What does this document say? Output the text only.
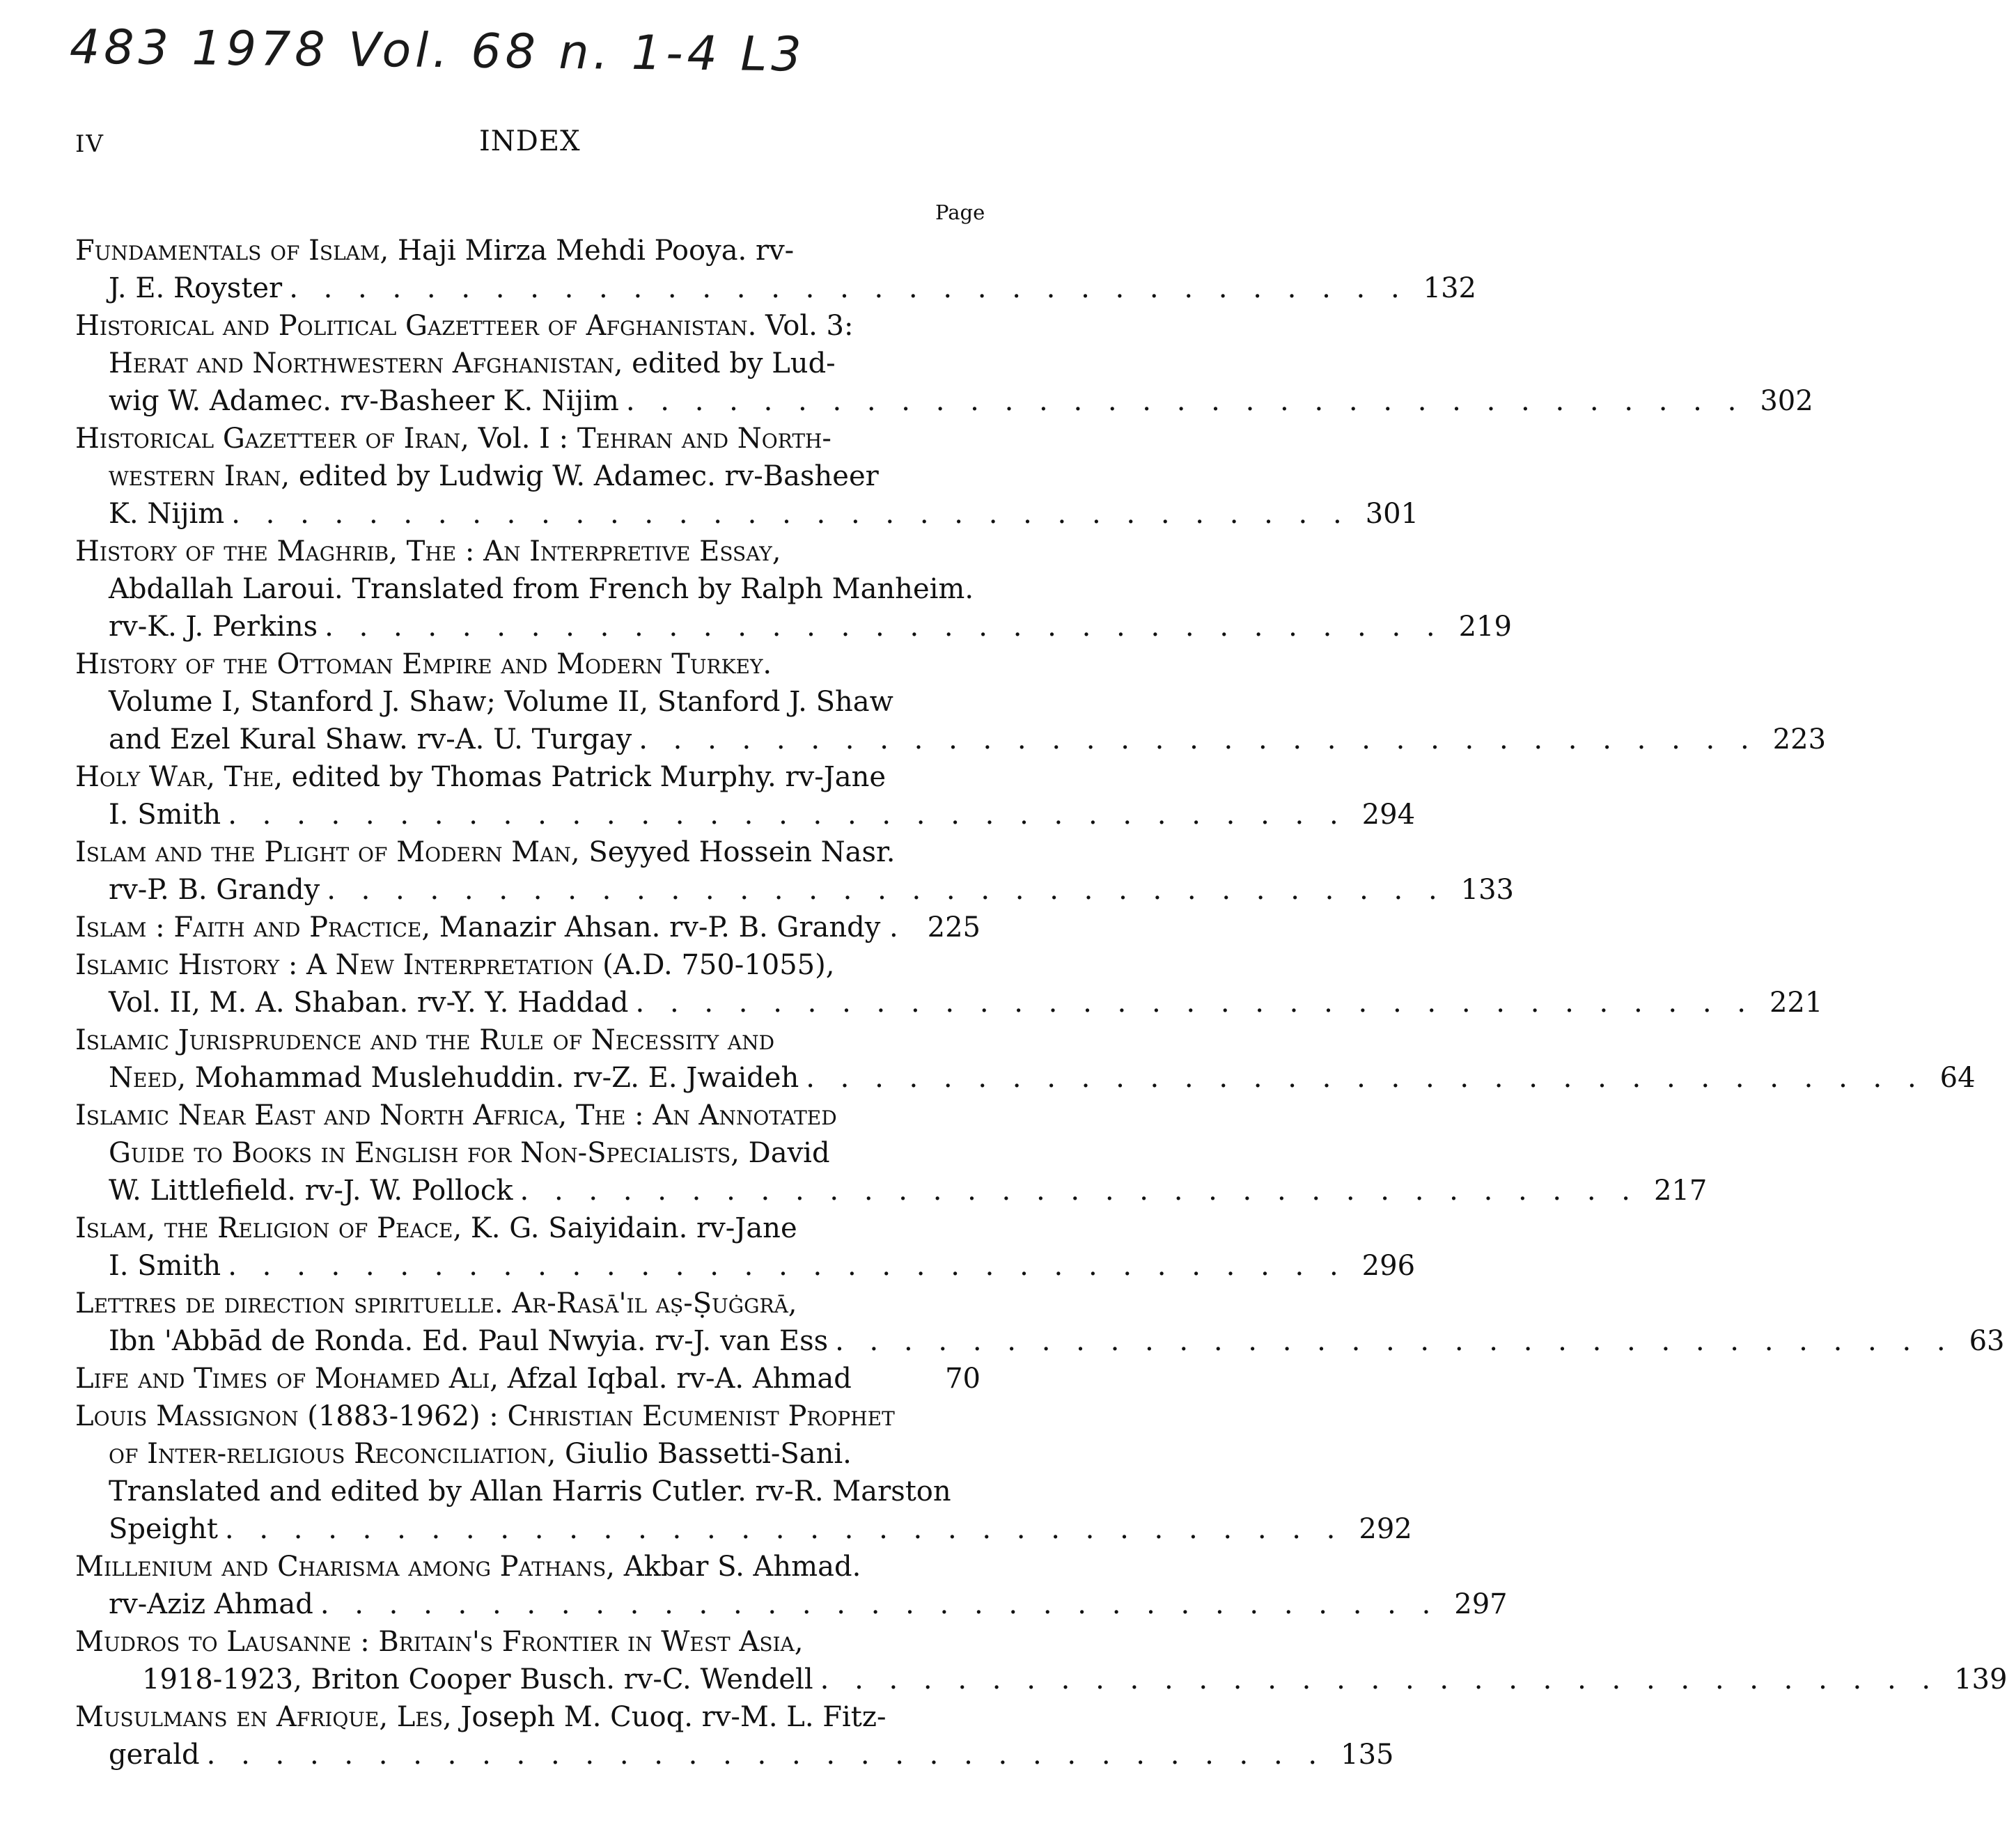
483 1978 Vol. 68 n. 1-4 L3
IV	INDEX
Page
Fundamentals of Islam, Haji Mirza Mehdi Pooya. rv-
J. E. Royster . . . . . . . . . . . . . . . . . . . . . . . . . . . . . . . . . 132
Historical and Political Gazetteer of Afghanistan. Vol. 3:
Herat and Northwestern Afghanistan, edited by Lud-
wig W. Adamec. rv-Basheer K. Nijim . . . . . . . . . . . . . . . . . . . . . . . . . . . . . . . . . 302
Historical Gazetteer of Iran, Vol. I : Tehran and North-
western Iran, edited by Ludwig W. Adamec. rv-Basheer
K. Nijim . . . . . . . . . . . . . . . . . . . . . . . . . . . . . . . . . 301
History of the Maghrib, The : An Interpretive Essay,
Abdallah Laroui. Translated from French by Ralph Manheim.
rv-K. J. Perkins . . . . . . . . . . . . . . . . . . . . . . . . . . . . . . . . . 219
History of the Ottoman Empire and Modern Turkey.
Volume I, Stanford J. Shaw; Volume II, Stanford J. Shaw
and Ezel Kural Shaw. rv-A. U. Turgay . . . . . . . . . . . . . . . . . . . . . . . . . . . . . . . . . 223
Holy War, The, edited by Thomas Patrick Murphy. rv-Jane
I. Smith . . . . . . . . . . . . . . . . . . . . . . . . . . . . . . . . . 294
Islam and the Plight of Modern Man, Seyyed Hossein Nasr.
rv-P. B. Grandy . . . . . . . . . . . . . . . . . . . . . . . . . . . . . . . . . 133
Islam : Faith and Practice, Manazir Ahsan. rv-P. B. Grandy .	225
Islamic History : A New Interpretation (A.D. 750-1055),
Vol. II, M. A. Shaban. rv-Y. Y. Haddad . . . . . . . . . . . . . . . . . . . . . . . . . . . . . . . . . 221
Islamic Jurisprudence and the Rule of Necessity and
Need, Mohammad Muslehuddin. rv-Z. E. Jwaideh . . . . . . . . . . . . . . . . . . . . . . . . . . . . . . . . . 64
Islamic Near East and North Africa, The : An Annotated
Guide to Books in English for Non-Specialists, David
W. Littlefield. rv-J. W. Pollock . . . . . . . . . . . . . . . . . . . . . . . . . . . . . . . . . 217
Islam, the Religion of Peace, K. G. Saiyidain. rv-Jane
I. Smith . . . . . . . . . . . . . . . . . . . . . . . . . . . . . . . . . 296
Lettres de direction spirituelle. Ar-Rasā'il aṣ-Ṣuġgrā,
Ibn 'Abbād de Ronda. Ed. Paul Nwyia. rv-J. van Ess . . . . . . . . . . . . . . . . . . . . . . . . . . . . . . . . . 63
Life and Times of Mohamed Ali, Afzal Iqbal. rv-A. Ahmad	70
Louis Massignon (1883-1962) : Christian Ecumenist Prophet
of Inter-religious Reconciliation, Giulio Bassetti-Sani.
Translated and edited by Allan Harris Cutler. rv-R. Marston
Speight . . . . . . . . . . . . . . . . . . . . . . . . . . . . . . . . . 292
Millenium and Charisma among Pathans, Akbar S. Ahmad.
rv-Aziz Ahmad . . . . . . . . . . . . . . . . . . . . . . . . . . . . . . . . . 297
Mudros to Lausanne : Britain's Frontier in West Asia,
1918-1923, Briton Cooper Busch. rv-C. Wendell . . . . . . . . . . . . . . . . . . . . . . . . . . . . . . . . . 139
Musulmans en Afrique, Les, Joseph M. Cuoq. rv-M. L. Fitz-
gerald . . . . . . . . . . . . . . . . . . . . . . . . . . . . . . . . . 135
